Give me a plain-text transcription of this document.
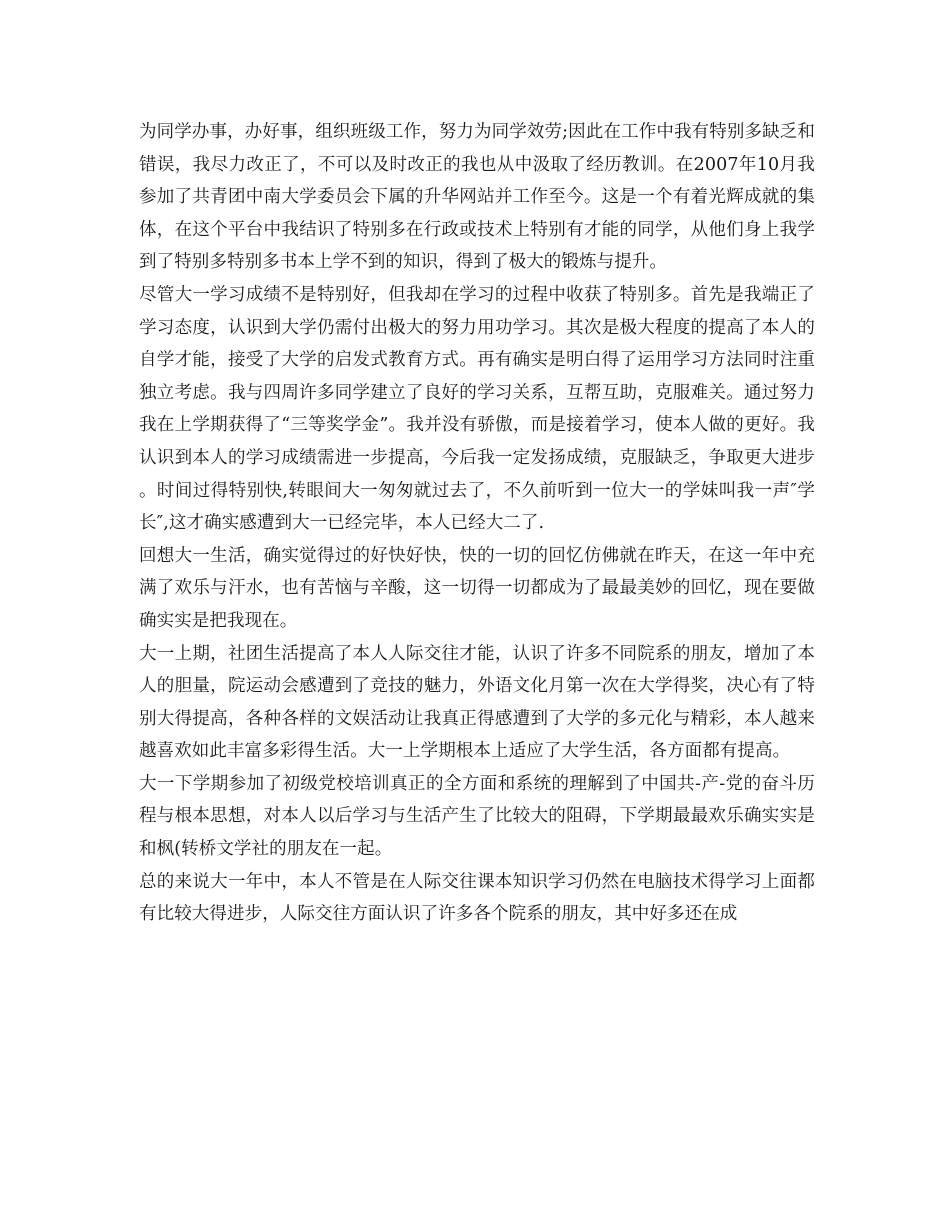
为同学办事，办好事，组织班级工作，努力为同学效劳;因此在工作中我有特别多缺乏和错误，我尽力改正了，不可以及时改正的我也从中汲取了经历教训。在2007年10月我参加了共青团中南大学委员会下属的升华网站并工作至今。这是一个有着光辉成就的集体，在这个平台中我结识了特别多在行政或技术上特别有才能的同学，从他们身上我学到了特别多特别多书本上学不到的知识，得到了极大的锻炼与提升。

尽管大一学习成绩不是特别好，但我却在学习的过程中收获了特别多。首先是我端正了学习态度，认识到大学仍需付出极大的努力用功学习。其次是极大程度的提高了本人的自学才能，接受了大学的启发式教育方式。再有确实是明白得了运用学习方法同时注重独立考虑。我与四周许多同学建立了良好的学习关系，互帮互助，克服难关。通过努力我在上学期获得了“三等奖学金”。我并没有骄傲，而是接着学习，使本人做的更好。我认识到本人的学习成绩需进一步提高，今后我一定发扬成绩，克服缺乏，争取更大进步。时间过得特别快,转眼间大一匆匆就过去了，不久前听到一位大一的学妹叫我一声″学长″,这才确实感遭到大一已经完毕，本人已经大二了.

回想大一生活，确实觉得过的好快好快，快的一切的回忆仿佛就在昨天，在这一年中充满了欢乐与汗水，也有苦恼与辛酸，这一切得一切都成为了最最美妙的回忆，现在要做确实实是把我现在。

大一上期，社团生活提高了本人人际交往才能，认识了许多不同院系的朋友，增加了本人的胆量，院运动会感遭到了竞技的魅力，外语文化月第一次在大学得奖，决心有了特别大得提高，各种各样的文娱活动让我真正得感遭到了大学的多元化与精彩，本人越来越喜欢如此丰富多彩得生活。大一上学期根本上适应了大学生活，各方面都有提高。

大一下学期参加了初级党校培训真正的全方面和系统的理解到了中国共-产-党的奋斗历程与根本思想，对本人以后学习与生活产生了比较大的阻碍，下学期最最欢乐确实实是和枫(转桥文学社的朋友在一起。

总的来说大一年中，本人不管是在人际交往课本知识学习仍然在电脑技术得学习上面都有比较大得进步，人际交往方面认识了许多各个院系的朋友，其中好多还在成
